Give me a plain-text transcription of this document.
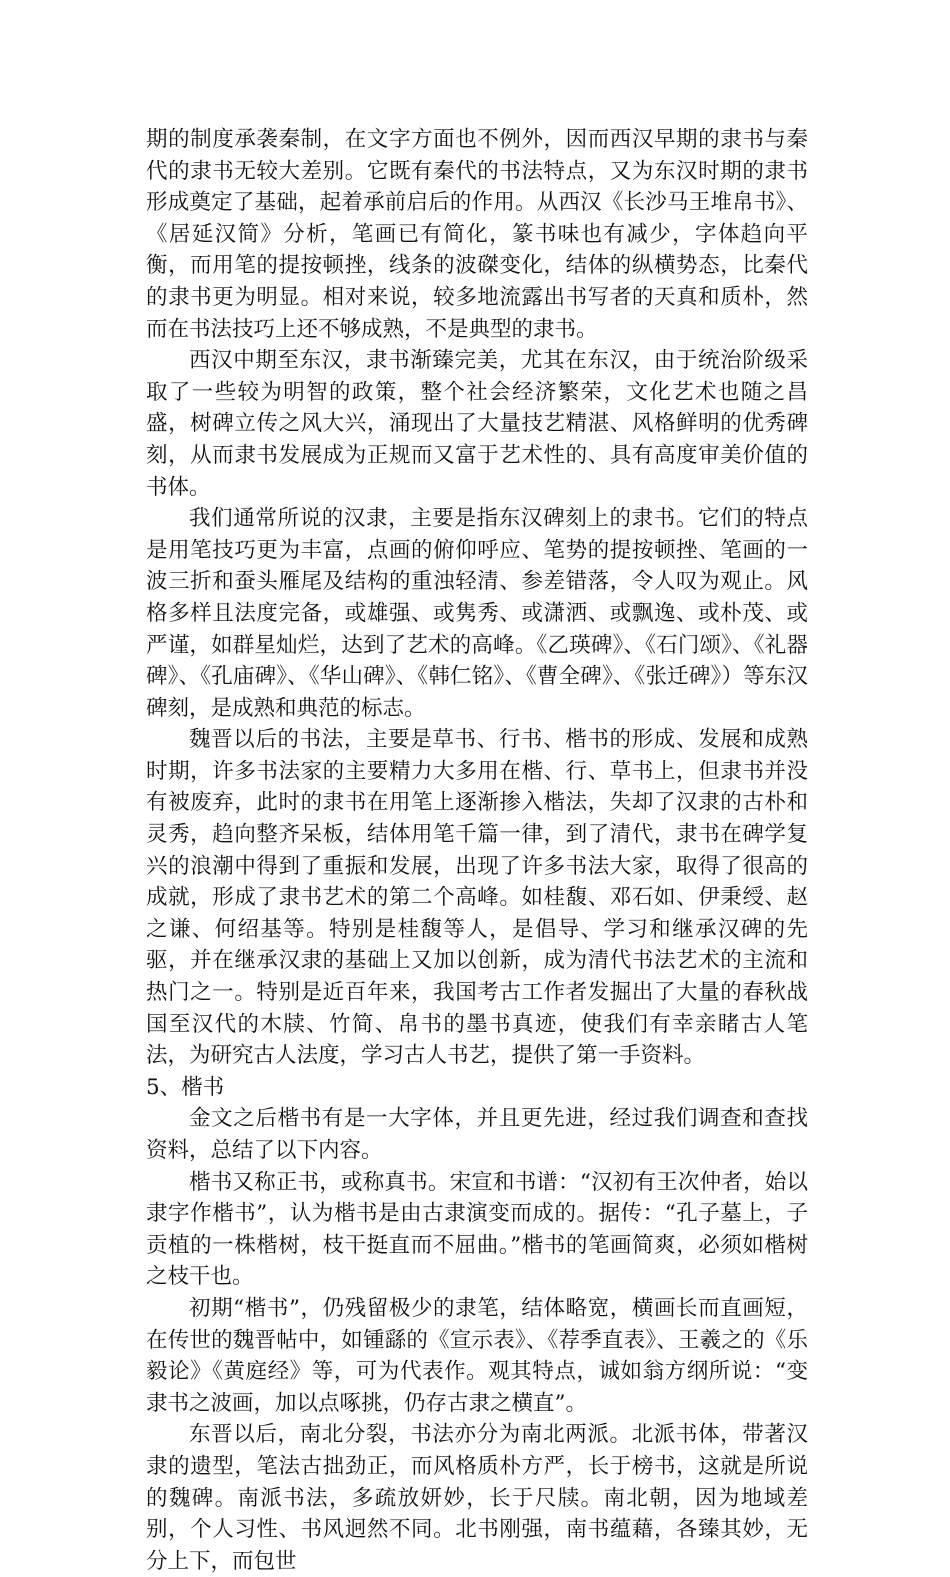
期的制度承袭秦制，在文字方面也不例外，因而西汉早期的隶书与秦代的隶书无较大差别。它既有秦代的书法特点，又为东汉时期的隶书形成奠定了基础，起着承前启后的作用。从西汉《长沙马王堆帛书》、《居延汉简》分析，笔画已有简化，篆书味也有减少，字体趋向平衡，而用笔的提按顿挫，线条的波磔变化，结体的纵横势态，比秦代的隶书更为明显。相对来说，较多地流露出书写者的天真和质朴，然而在书法技巧上还不够成熟，不是典型的隶书。

西汉中期至东汉，隶书渐臻完美，尤其在东汉，由于统治阶级采取了一些较为明智的政策，整个社会经济繁荣，文化艺术也随之昌盛，树碑立传之风大兴，涌现出了大量技艺精湛、风格鲜明的优秀碑刻，从而隶书发展成为正规而又富于艺术性的、具有高度审美价值的书体。

我们通常所说的汉隶，主要是指东汉碑刻上的隶书。它们的特点是用笔技巧更为丰富，点画的俯仰呼应、笔势的提按顿挫、笔画的一波三折和蚕头雁尾及结构的重浊轻清、参差错落，令人叹为观止。风格多样且法度完备，或雄强、或隽秀、或潇洒、或飘逸、或朴茂、或严谨，如群星灿烂，达到了艺术的高峰。《乙瑛碑》、《石门颂》、《礼器碑》、《孔庙碑》、《华山碑》、《韩仁铭》、《曹全碑》、《张迁碑》）等东汉碑刻，是成熟和典范的标志。

魏晋以后的书法，主要是草书、行书、楷书的形成、发展和成熟时期，许多书法家的主要精力大多用在楷、行、草书上，但隶书并没有被废弃，此时的隶书在用笔上逐渐掺入楷法，失却了汉隶的古朴和灵秀，趋向整齐呆板，结体用笔千篇一律，到了清代，隶书在碑学复兴的浪潮中得到了重振和发展，出现了许多书法大家，取得了很高的成就，形成了隶书艺术的第二个高峰。如桂馥、邓石如、伊秉绶、赵之谦、何绍基等。特别是桂馥等人，是倡导、学习和继承汉碑的先驱，并在继承汉隶的基础上又加以创新，成为清代书法艺术的主流和热门之一。特别是近百年来，我国考古工作者发掘出了大量的春秋战国至汉代的木牍、竹简、帛书的墨书真迹，使我们有幸亲睹古人笔法，为研究古人法度，学习古人书艺，提供了第一手资料。

5、楷书

金文之后楷书有是一大字体，并且更先进，经过我们调查和查找资料，总结了以下内容。

楷书又称正书，或称真书。宋宣和书谱：“汉初有王次仲者，始以隶字作楷书”，认为楷书是由古隶演变而成的。据传：“孔子墓上，子贡植的一株楷树，枝干挺直而不屈曲。”楷书的笔画简爽，必须如楷树之枝干也。

初期“楷书”，仍残留极少的隶笔，结体略宽，横画长而直画短，在传世的魏晋帖中，如锺繇的《宣示表》、《荐季直表》、王羲之的《乐毅论》《黄庭经》等，可为代表作。观其特点，诚如翁方纲所说：“变隶书之波画，加以点啄挑，仍存古隶之横直”。

东晋以后，南北分裂，书法亦分为南北两派。北派书体，带著汉隶的遗型，笔法古拙劲正，而风格质朴方严，长于榜书，这就是所说的魏碑。南派书法，多疏放妍妙，长于尺牍。南北朝，因为地域差别，个人习性、书风迥然不同。北书刚强，南书蕴藉，各臻其妙，无分上下，而包世
